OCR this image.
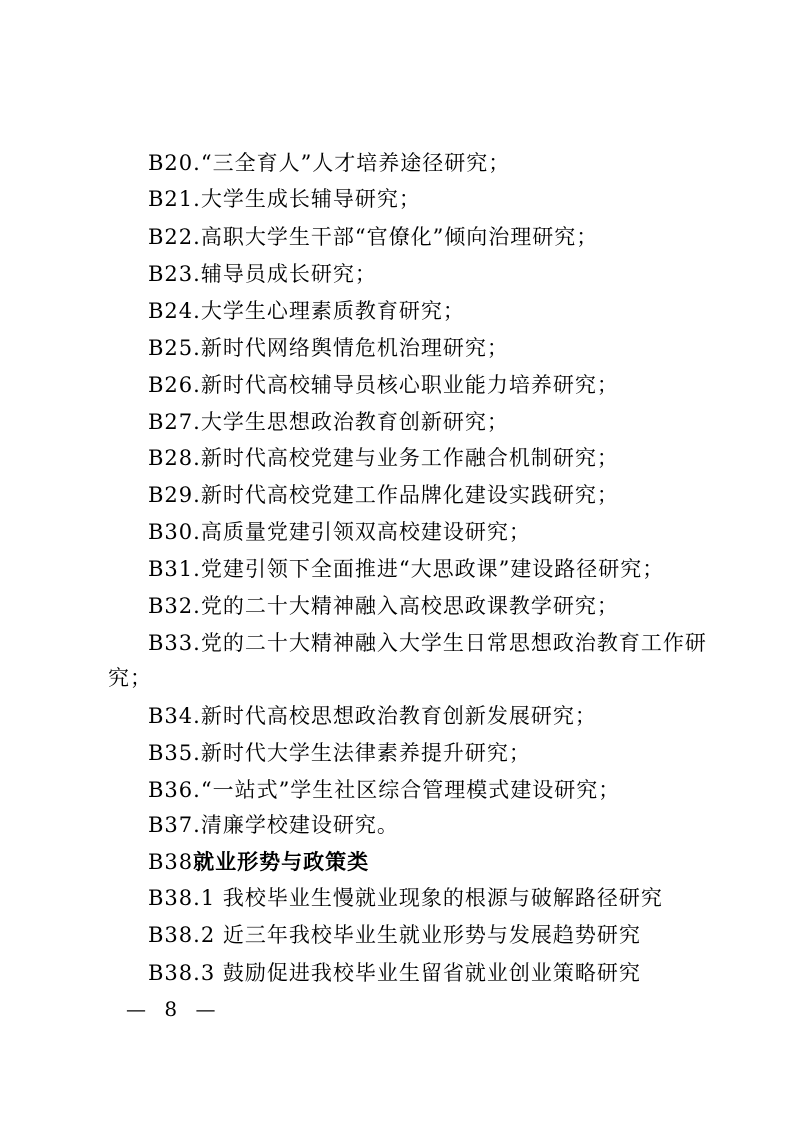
B20.“三全育人”人才培养途径研究；
B21.大学生成长辅导研究；
B22.高职大学生干部“官僚化”倾向治理研究；
B23.辅导员成长研究；
B24.大学生心理素质教育研究；
B25.新时代网络舆情危机治理研究；
B26.新时代高校辅导员核心职业能力培养研究；
B27.大学生思想政治教育创新研究；
B28.新时代高校党建与业务工作融合机制研究；
B29.新时代高校党建工作品牌化建设实践研究；
B30.高质量党建引领双高校建设研究；
B31.党建引领下全面推进“大思政课”建设路径研究；
B32.党的二十大精神融入高校思政课教学研究；
B33.党的二十大精神融入大学生日常思想政治教育工作研
究；
B34.新时代高校思想政治教育创新发展研究；
B35.新时代大学生法律素养提升研究；
B36.“一站式”学生社区综合管理模式建设研究；
B37.清廉学校建设研究。
B38就业形势与政策类
B38.1 我校毕业生慢就业现象的根源与破解路径研究
B38.2 近三年我校毕业生就业形势与发展趋势研究
B38.3 鼓励促进我校毕业生留省就业创业策略研究
— 8 —
